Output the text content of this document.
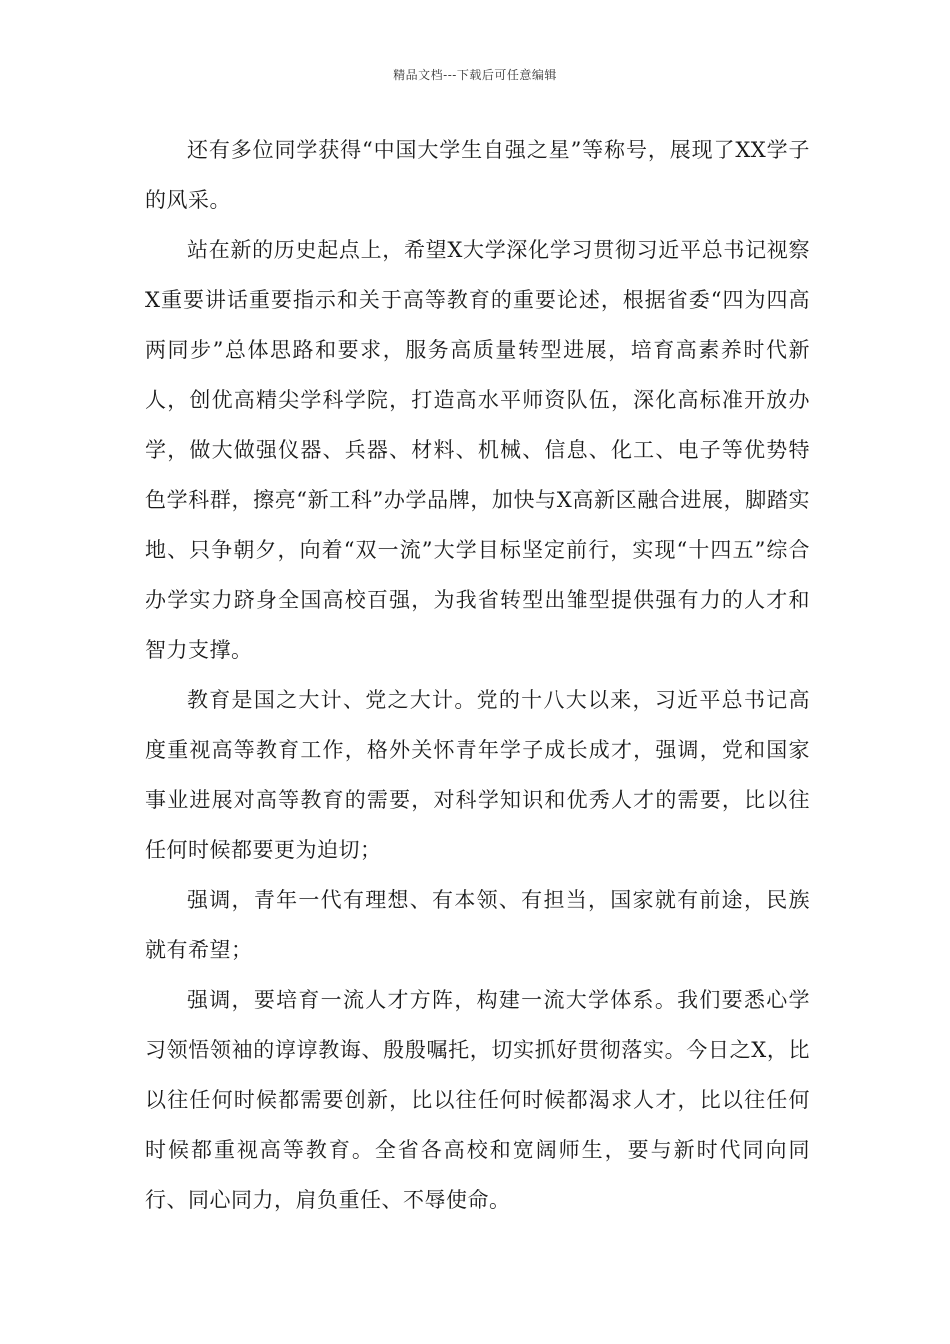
精品文档---下载后可任意编辑

还有多位同学获得“中国大学生自强之星”等称号，展现了XX学子的风采。

站在新的历史起点上，希望X大学深化学习贯彻习近平总书记视察X重要讲话重要指示和关于高等教育的重要论述，根据省委“四为四高两同步”总体思路和要求，服务高质量转型进展，培育高素养时代新人，创优高精尖学科学院，打造高水平师资队伍，深化高标准开放办学，做大做强仪器、兵器、材料、机械、信息、化工、电子等优势特色学科群，擦亮“新工科”办学品牌，加快与X高新区融合进展，脚踏实地、只争朝夕，向着“双一流”大学目标坚定前行，实现“十四五”综合办学实力跻身全国高校百强，为我省转型出雏型提供强有力的人才和智力支撑。

教育是国之大计、党之大计。党的十八大以来，习近平总书记高度重视高等教育工作，格外关怀青年学子成长成才，强调，党和国家事业进展对高等教育的需要，对科学知识和优秀人才的需要，比以往任何时候都要更为迫切；

强调，青年一代有理想、有本领、有担当，国家就有前途，民族就有希望；

强调，要培育一流人才方阵，构建一流大学体系。我们要悉心学习领悟领袖的谆谆教诲、殷殷嘱托，切实抓好贯彻落实。今日之X，比以往任何时候都需要创新，比以往任何时候都渴求人才，比以往任何时候都重视高等教育。全省各高校和宽阔师生，要与新时代同向同行、同心同力，肩负重任、不辱使命。
